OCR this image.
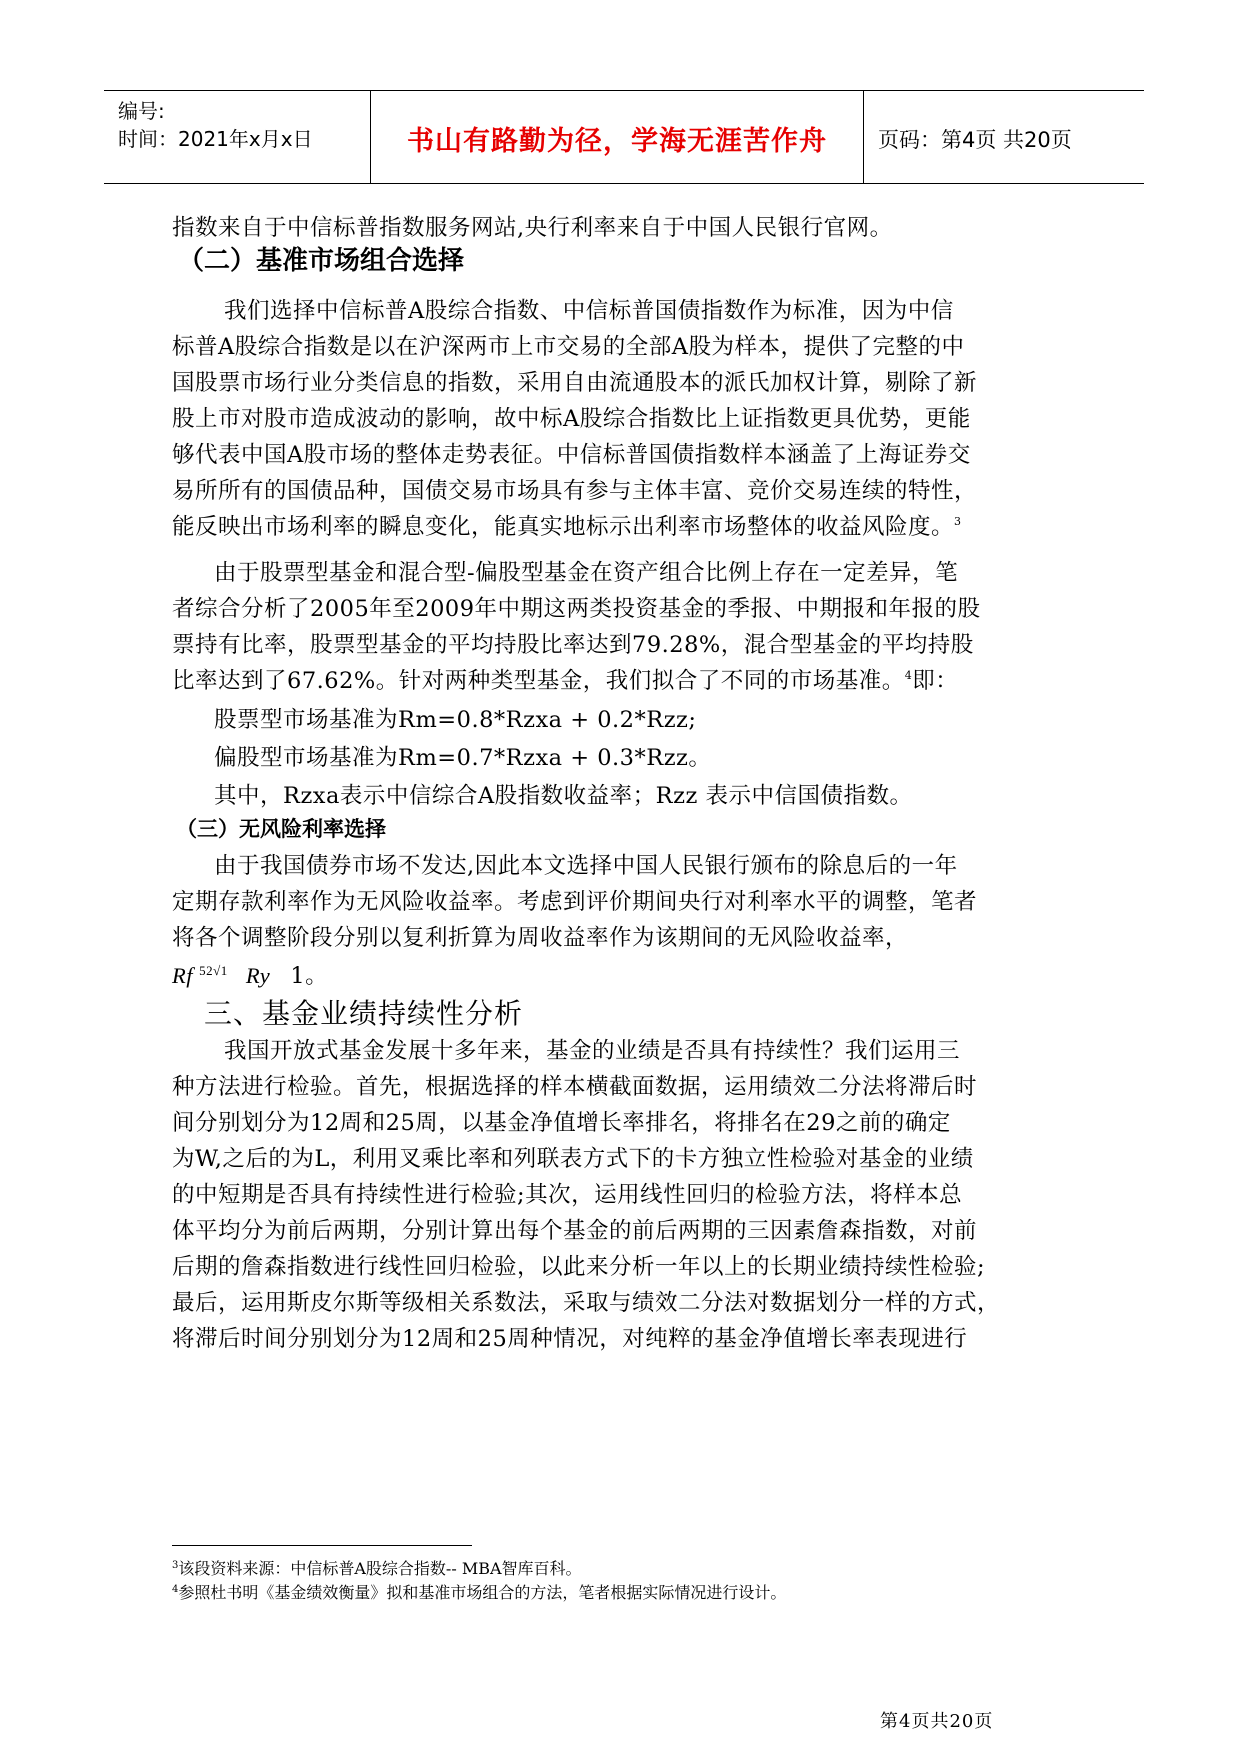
编号:
时间：2021年x月x日	书山有路勤为径，学海无涯苦作舟	页码：第4页 共20页
指数来自于中信标普指数服务网站,央行利率来自于中国人民银行官网。
（二）基准市场组合选择
我们选择中信标普A股综合指数、中信标普国债指数作为标准，因为中信
标普A股综合指数是以在沪深两市上市交易的全部A股为样本，提供了完整的中
国股票市场行业分类信息的指数，采用自由流通股本的派氏加权计算，剔除了新
股上市对股市造成波动的影响，故中标A股综合指数比上证指数更具优势，更能
够代表中国A股市场的整体走势表征。中信标普国债指数样本涵盖了上海证券交
易所所有的国债品种，国债交易市场具有参与主体丰富、竞价交易连续的特性，
能反映出市场利率的瞬息变化，能真实地标示出利率市场整体的收益风险度。$^3$
由于股票型基金和混合型-偏股型基金在资产组合比例上存在一定差异，笔
者综合分析了2005年至2009年中期这两类投资基金的季报、中期报和年报的股
票持有比率，股票型基金的平均持股比率达到79.28%，混合型基金的平均持股
比率达到了67.62%。针对两种类型基金，我们拟合了不同的市场基准。$^4$即：
股票型市场基准为Rm=0.8*Rzxa + 0.2*Rzz;
偏股型市场基准为Rm=0.7*Rzxa + 0.3*Rzz。
其中，Rzxa表示中信综合A股指数收益率；Rzz 表示中信国债指数。
（三）无风险利率选择
由于我国债券市场不发达,因此本文选择中国人民银行颁布的除息后的一年
定期存款利率作为无风险收益率。考虑到评价期间央行对利率水平的调整，笔者
将各个调整阶段分别以复利折算为周收益率作为该期间的无风险收益率，
Rf $^{52√1}$ Ry 1。
三、基金业绩持续性分析
我国开放式基金发展十多年来，基金的业绩是否具有持续性？我们运用三
种方法进行检验。首先，根据选择的样本横截面数据，运用绩效二分法将滞后时
间分别划分为12周和25周，以基金净值增长率排名，将排名在29之前的确定
为W,之后的为L，利用叉乘比率和列联表方式下的卡方独立性检验对基金的业绩
的中短期是否具有持续性进行检验;其次，运用线性回归的检验方法，将样本总
体平均分为前后两期，分别计算出每个基金的前后两期的三因素詹森指数，对前
后期的詹森指数进行线性回归检验，以此来分析一年以上的长期业绩持续性检验;
最后，运用斯皮尔斯等级相关系数法，采取与绩效二分法对数据划分一样的方式，
将滞后时间分别划分为12周和25周种情况，对纯粹的基金净值增长率表现进行
$^3$该段资料来源：中信标普A股综合指数-- MBA智库百科。
$^4$参照杜书明《基金绩效衡量》拟和基准市场组合的方法，笔者根据实际情况进行设计。
第4页共20页
